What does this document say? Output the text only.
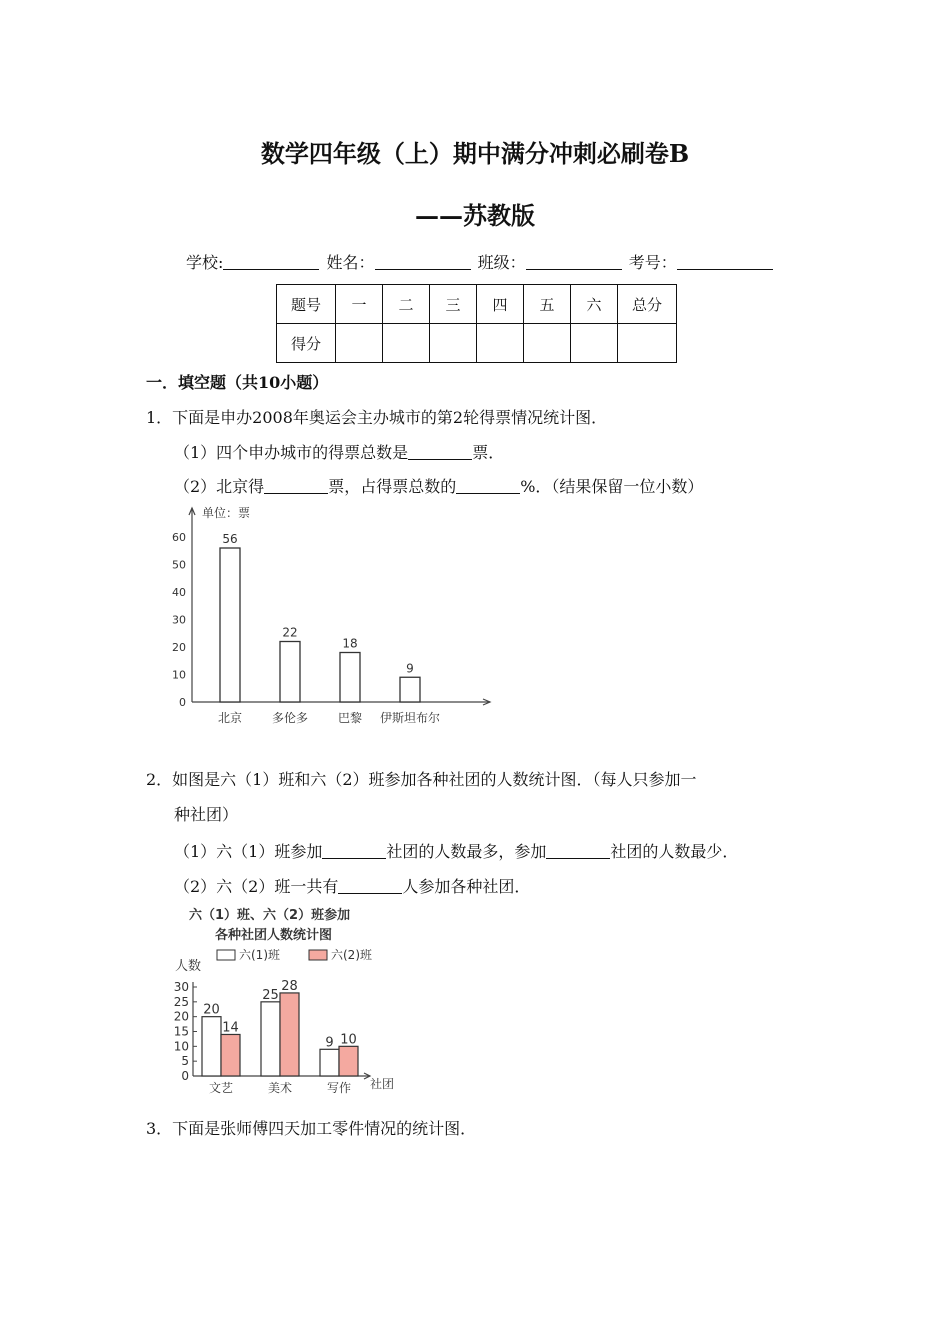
数学四年级（上）期中满分冲刺必刷卷B
——苏教版
学校:	姓名：	班级：	考号：
题号	一	二	三	四	五	六	总分
得分							
一．填空题（共10小题）
1．下面是申办2008年奥运会主办城市的第2轮得票情况统计图．
（1）四个申办城市的得票总数是	票．
（2）北京得	票，占得票总数的	%．（结果保留一位小数）
单位：票
0
10
20
30
40
50
60	56
北京
22
多伦多
18
巴黎
9
伊斯坦布尔
2．如图是六（1）班和六（2）班参加各种社团的人数统计图．（每人只参加一
种社团）
（1）六（1）班参加	社团的人数最多，参加	社团的人数最少．
（2）六（2）班一共有	人参加各种社团．
六（1）班、六（2）班参加
各种社团人数统计图
六(1)班	六(2)班
人数
0
5
10
15
20
25
30
社团
20
14
文艺
25
28
美术
9 10
写作
3．下面是张师傅四天加工零件情况的统计图．
